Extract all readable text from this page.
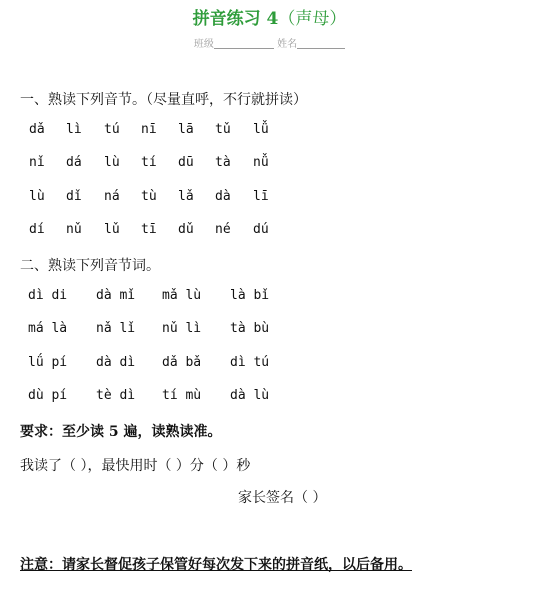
拼音练习 4（声母）
班级	姓名
一、熟读下列音节。（尽量直呼，不行就拼读）
dǎ lì tú nī lā tǔ lǚ
nǐ dá lù tí dū tà nǚ
lù dǐ ná tù lǎ dà lī
dí nǔ lǔ tī dǔ né dú
二、熟读下列音节词。
dì di dà mǐ mǎ lù là bǐ
má là nǎ lǐ nǔ lì tà bù
lǘ pí dà dì dǎ bǎ dì tú
dù pí tè dì tí mù dà lù
要求：至少读 5 遍，读熟读准。
我读了（ ），最快用时（ ）分（ ）秒
家长签名（ ）
注意：请家长督促孩子保管好每次发下来的拼音纸，以后备用。
